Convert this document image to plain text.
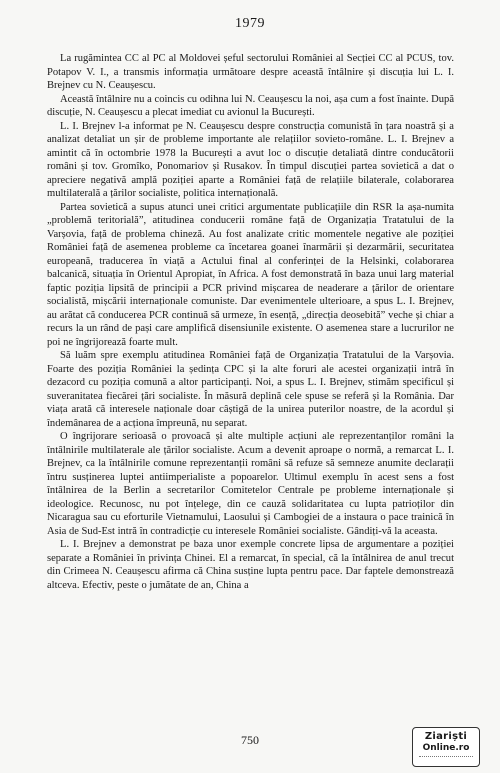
1979

La rugămintea CC al PC al Moldovei șeful sectorului României al Secției CC al PCUS, tov. Potapov V. I., a transmis informația următoare despre această întâlnire și discuția lui L. I. Brejnev cu N. Ceaușescu.

Această întâlnire nu a coincis cu odihna lui N. Ceaușescu la noi, așa cum a fost înainte. După discuție, N. Ceaușescu a plecat imediat cu avionul la București.

L. I. Brejnev l-a informat pe N. Ceaușescu despre construcția comunistă în țara noastră și a analizat detaliat un șir de probleme importante ale relațiilor sovieto-române. L. I. Brejnev a amintit că în octombrie 1978 la București a avut loc o discuție detaliată dintre conducătorii români și tov. Gromîko, Ponomariov și Rusakov. În timpul discuției partea sovietică a dat o apreciere negativă amplă poziției aparte a României față de relațiile bilaterale, colaborarea multilaterală a țărilor socialiste, politica internațională.

Partea sovietică a supus atunci unei critici argumentate publicațiile din RSR la așa-numita „problemă teritorială”, atitudinea conducerii române față de Organizația Tratatului de la Varșovia, față de problema chineză. Au fost analizate critic momentele negative ale poziției României față de asemenea probleme ca încetarea goanei înarmării și dezarmării, securitatea europeană, traducerea în viață a Actului final al conferinței de la Helsinki, colaborarea balcanică, situația în Orientul Apropiat, în Africa. A fost demonstrată în baza unui larg material faptic poziția lipsită de principii a PCR privind mișcarea de neaderare a țărilor de orientare socialistă, mișcării internaționale comuniste. Dar evenimentele ulterioare, a spus L. I. Brejnev, au arătat că conducerea PCR continuă să urmeze, în esență, „direcția deosebită” veche și chiar a recurs la un rând de pași care amplifică disensiunile existente. O asemenea stare a lucrurilor ne poi ne îngrijorează foarte mult.

Să luăm spre exemplu atitudinea României față de Organizația Tratatului de la Varșovia. Foarte des poziția României la ședința CPC și la alte foruri ale acestei organizații intră în dezacord cu poziția comună a altor participanți. Noi, a spus L. I. Brejnev, stimăm specificul și suveranitatea fiecărei țări socialiste. În măsură deplină cele spuse se referă și la România. Dar viața arată că interesele naționale doar câștigă de la unirea puterilor noastre, de la acordul și îndemânarea de a acționa împreună, nu separat.

O îngrijorare serioasă o provoacă și alte multiple acțiuni ale reprezentanților români la întâlnirile multilaterale ale țărilor socialiste. Acum a devenit aproape o normă, a remarcat L. I. Brejnev, ca la întâlnirile comune reprezentanții români să refuze să semneze anumite declarații întru susținerea luptei antiimperialiste a popoarelor. Ultimul exemplu în acest sens a fost întâlnirea de la Berlin a secretarilor Comitetelor Centrale pe probleme internaționale și ideologice. Recunosc, nu pot înțelege, din ce cauză solidaritatea cu lupta patrioților din Nicaragua sau cu eforturile Vietnamului, Laosului și Cambogiei de a instaura o pace trainică în Asia de Sud-Est intră în contradicție cu interesele României socialiste. Gândiți-vă la aceasta.

L. I. Brejnev a demonstrat pe baza unor exemple concrete lipsa de argumentare a poziției separate a României în privința Chinei. El a remarcat, în special, că la întâlnirea de anul trecut din Crimeea N. Ceaușescu afirma că China susține lupta pentru pace. Dar faptele demonstrează altceva. Efectiv, peste o jumătate de an, China a

750	Ziariști
Online.ro
